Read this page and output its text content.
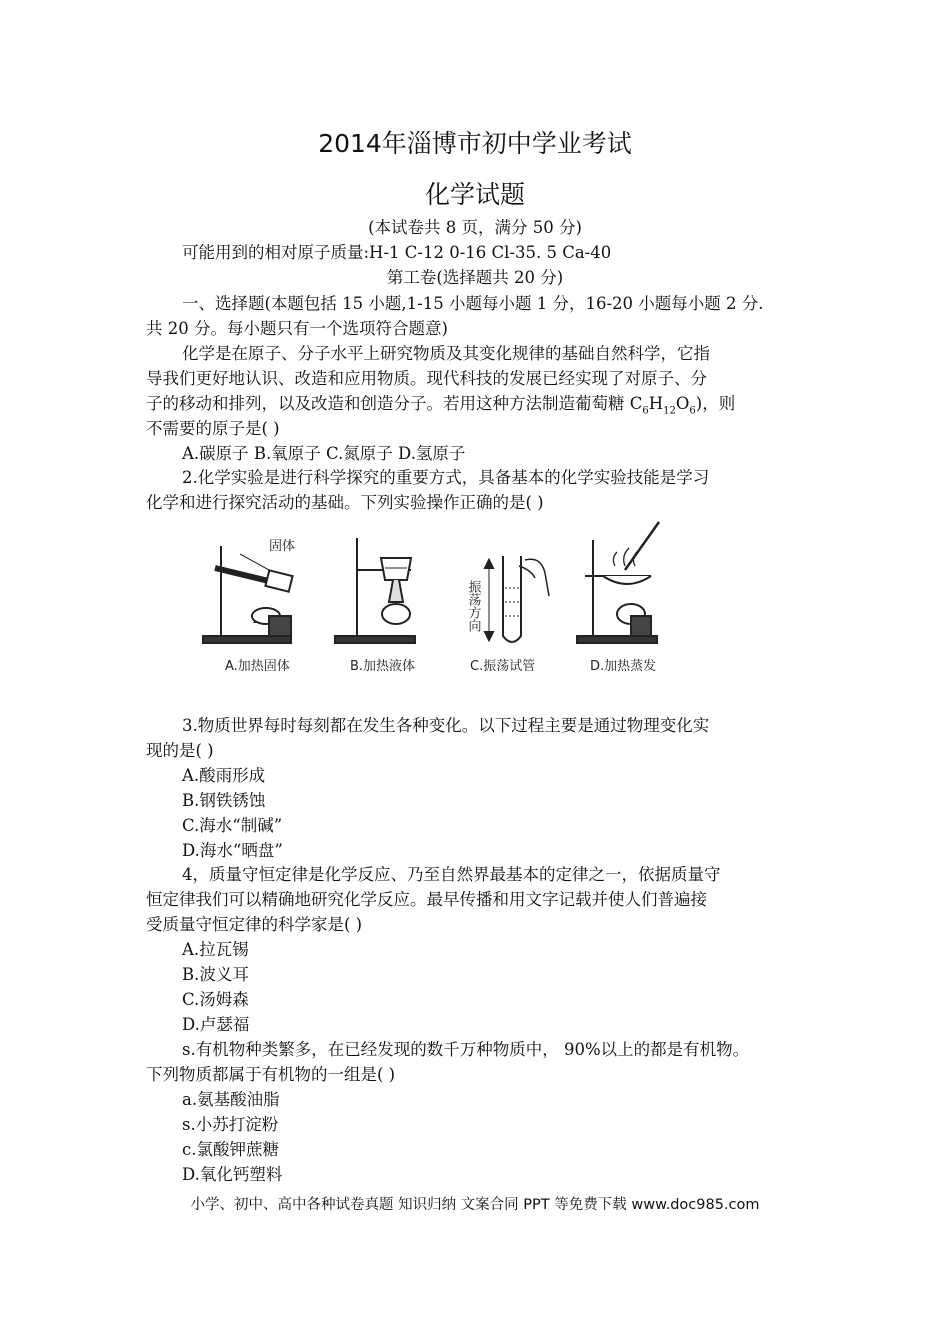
2014年淄博市初中学业考试
化学试题
(本试卷共 8 页，满分 50 分)
可能用到的相对原子质量:H-1 C-12 0-16 Cl-35. 5 Ca-40
第工卷(选择题共 20 分)
一、选择题(本题包括 15 小题,1-15 小题每小题 1 分，16-20 小题每小题 2 分.
共 20 分。每小题只有一个选项符合题意)
化学是在原子、分子水平上研究物质及其变化规律的基础自然科学，它指
导我们更好地认识、改造和应用物质。现代科技的发展已经实现了对原子、分
子的移动和排列，以及改造和创造分子。若用这种方法制造葡萄糖 $C_6H_{12}O_6$)，则
不需要的原子是( )
A.碳原子 B.氧原子 C.氮原子 D.氢原子
2.化学实验是进行科学探究的重要方式，具备基本的化学实验技能是学习
化学和进行探究活动的基础。下列实验操作正确的是( )
固体
振荡方向
A.加热固体	B.加热液体	C.振荡试管	D.加热蒸发
3.物质世界每时每刻都在发生各种变化。以下过程主要是通过物理变化实
现的是( )
A.酸雨形成
B.钢铁锈蚀
C.海水“制碱”
D.海水“晒盘”
4，质量守恒定律是化学反应、乃至自然界最基本的定律之一，依据质量守
恒定律我们可以精确地研究化学反应。最早传播和用文字记载并使人们普遍接
受质量守恒定律的科学家是( )
A.拉瓦锡
B.波义耳
C.汤姆森
D.卢瑟福
s.有机物种类繁多，在已经发现的数千万种物质中， 90%以上的都是有机物。
下列物质都属于有机物的一组是( )
a.氨基酸油脂
s.小苏打淀粉
c.氯酸钾蔗糖
D.氧化钙塑料
小学、初中、高中各种试卷真题 知识归纳 文案合同 PPT 等免费下载 www.doc985.com
